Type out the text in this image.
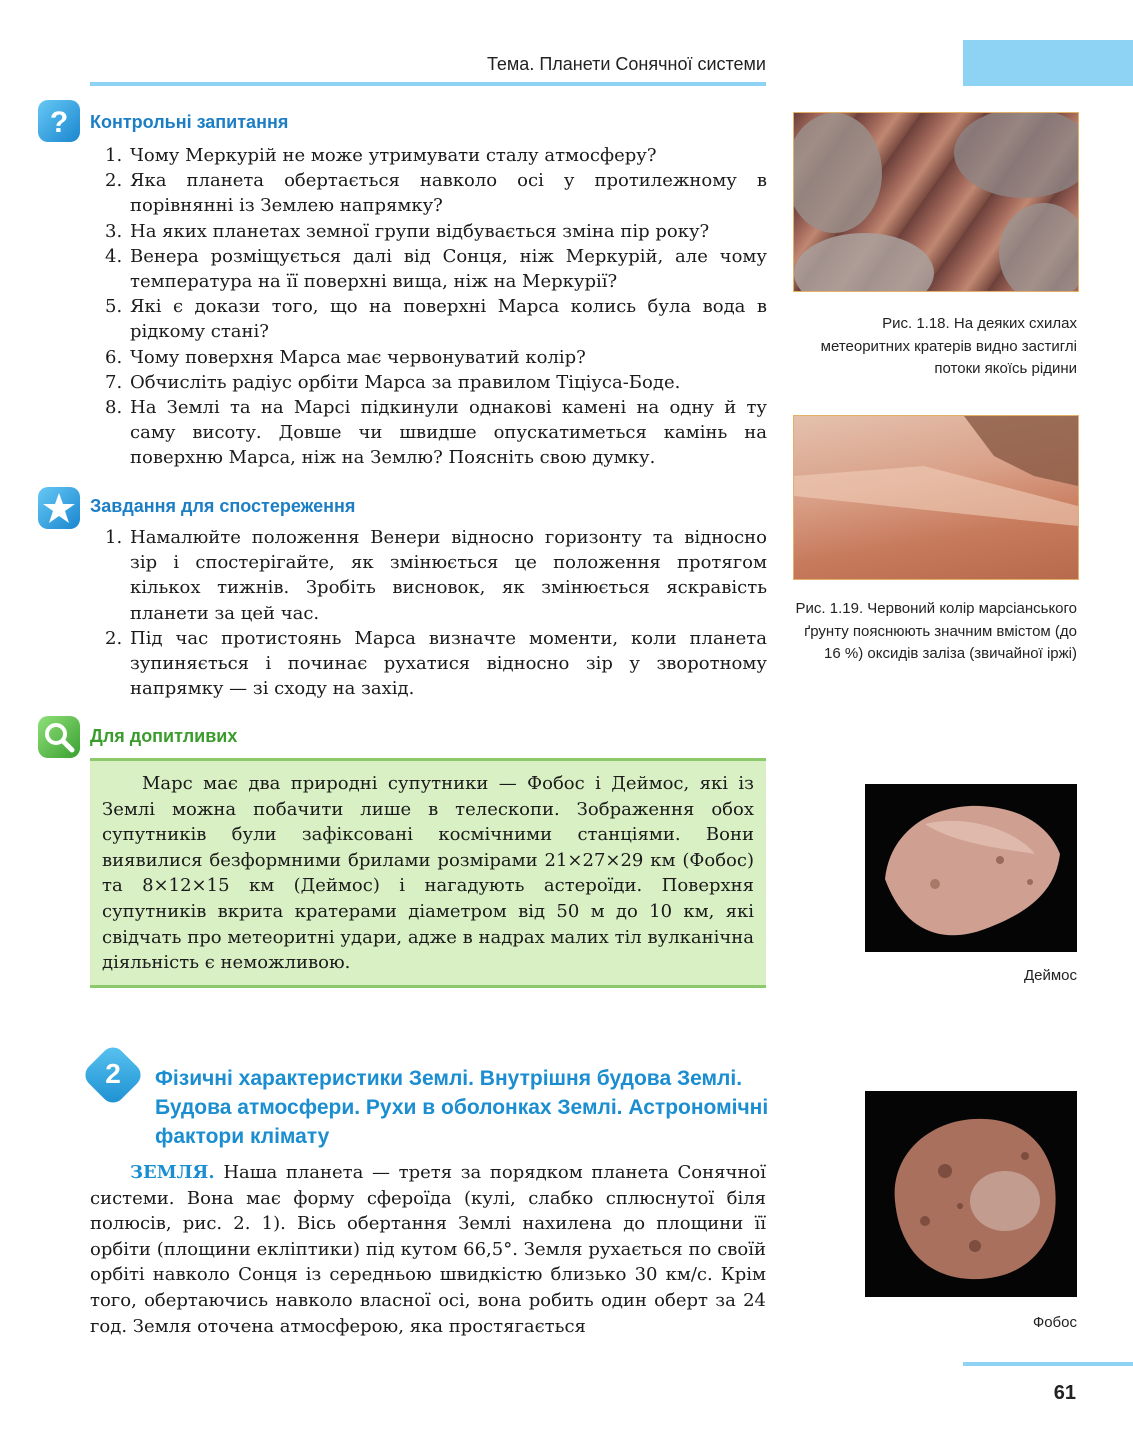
Тема. Планети Сонячної системи
? Контрольні запитання
1. Чому Меркурій не може утримувати сталу атмосферу?
2. Яка планета обертається навколо осі у протилежному в порівнянні із Землею напрямку?
3. На яких планетах земної групи відбувається зміна пір року?
4. Венера розміщується далі від Сонця, ніж Меркурій, але чому температура на її поверхні вища, ніж на Меркурії?
5. Які є докази того, що на поверхні Марса колись була вода в рідкому стані?
6. Чому поверхня Марса має червонуватий колір?
7. Обчисліть радіус орбіти Марса за правилом Тіціуса-Боде.
8. На Землі та на Марсі підкинули однакові камені на одну й ту саму висоту. Довше чи швидше опускатиметься камінь на поверхню Марса, ніж на Землю? Поясніть свою думку.
Завдання для спостереження
1. Намалюйте положення Венери відносно горизонту та відносно зір і спостерігайте, як змінюється це положення протягом кількох тижнів. Зробіть висновок, як змінюється яскравість планети за цей час.
2. Під час протистоянь Марса визначте моменти, коли планета зупиняється і починає рухатися відносно зір у зворотному напрямку — зі сходу на захід.
Для допитливих

Марс має два природні супутники — Фобос і Деймос, які із Землі можна побачити лише в телескопи. Зображення обох супутників були зафіксовані космічними станціями. Вони виявилися безформними брилами розмірами 21×27×29 км (Фобос) та 8×12×15 км (Деймос) і нагадують астероїди. Поверхня супутників вкрита кратерами діаметром від 50 м до 10 км, які свідчать про метеоритні удари, адже в надрах малих тіл вулканічна діяльність є неможливою.

2	Фізичні характеристики Землі. Внутрішня будова Землі. Будова атмосфери. Рухи в оболонках Землі. Астрономічні фактори клімату

ЗЕМЛЯ. Наша планета — третя за порядком планета Сонячної системи. Вона має форму сфероїда (кулі, слабко сплюснутої біля полюсів, рис. 2. 1). Вісь обертання Землі нахилена до площини її орбіти (площини екліптики) під кутом 66,5°. Земля рухається по своїй орбіті навколо Сонця із середньою швидкістю близько 30 км/с. Крім того, обертаючись навколо власної осі, вона робить один оберт за 24 год. Земля оточена атмосферою, яка простягається

Рис. 1.18. На деяких схилах метеоритних кратерів видно застиглі потоки якоїсь рідини
Рис. 1.19. Червоний колір марсіанського ґрунту пояснюють значним вмістом (до 16 %) оксидів заліза (звичайної іржі)
Деймос
Фобос
61
